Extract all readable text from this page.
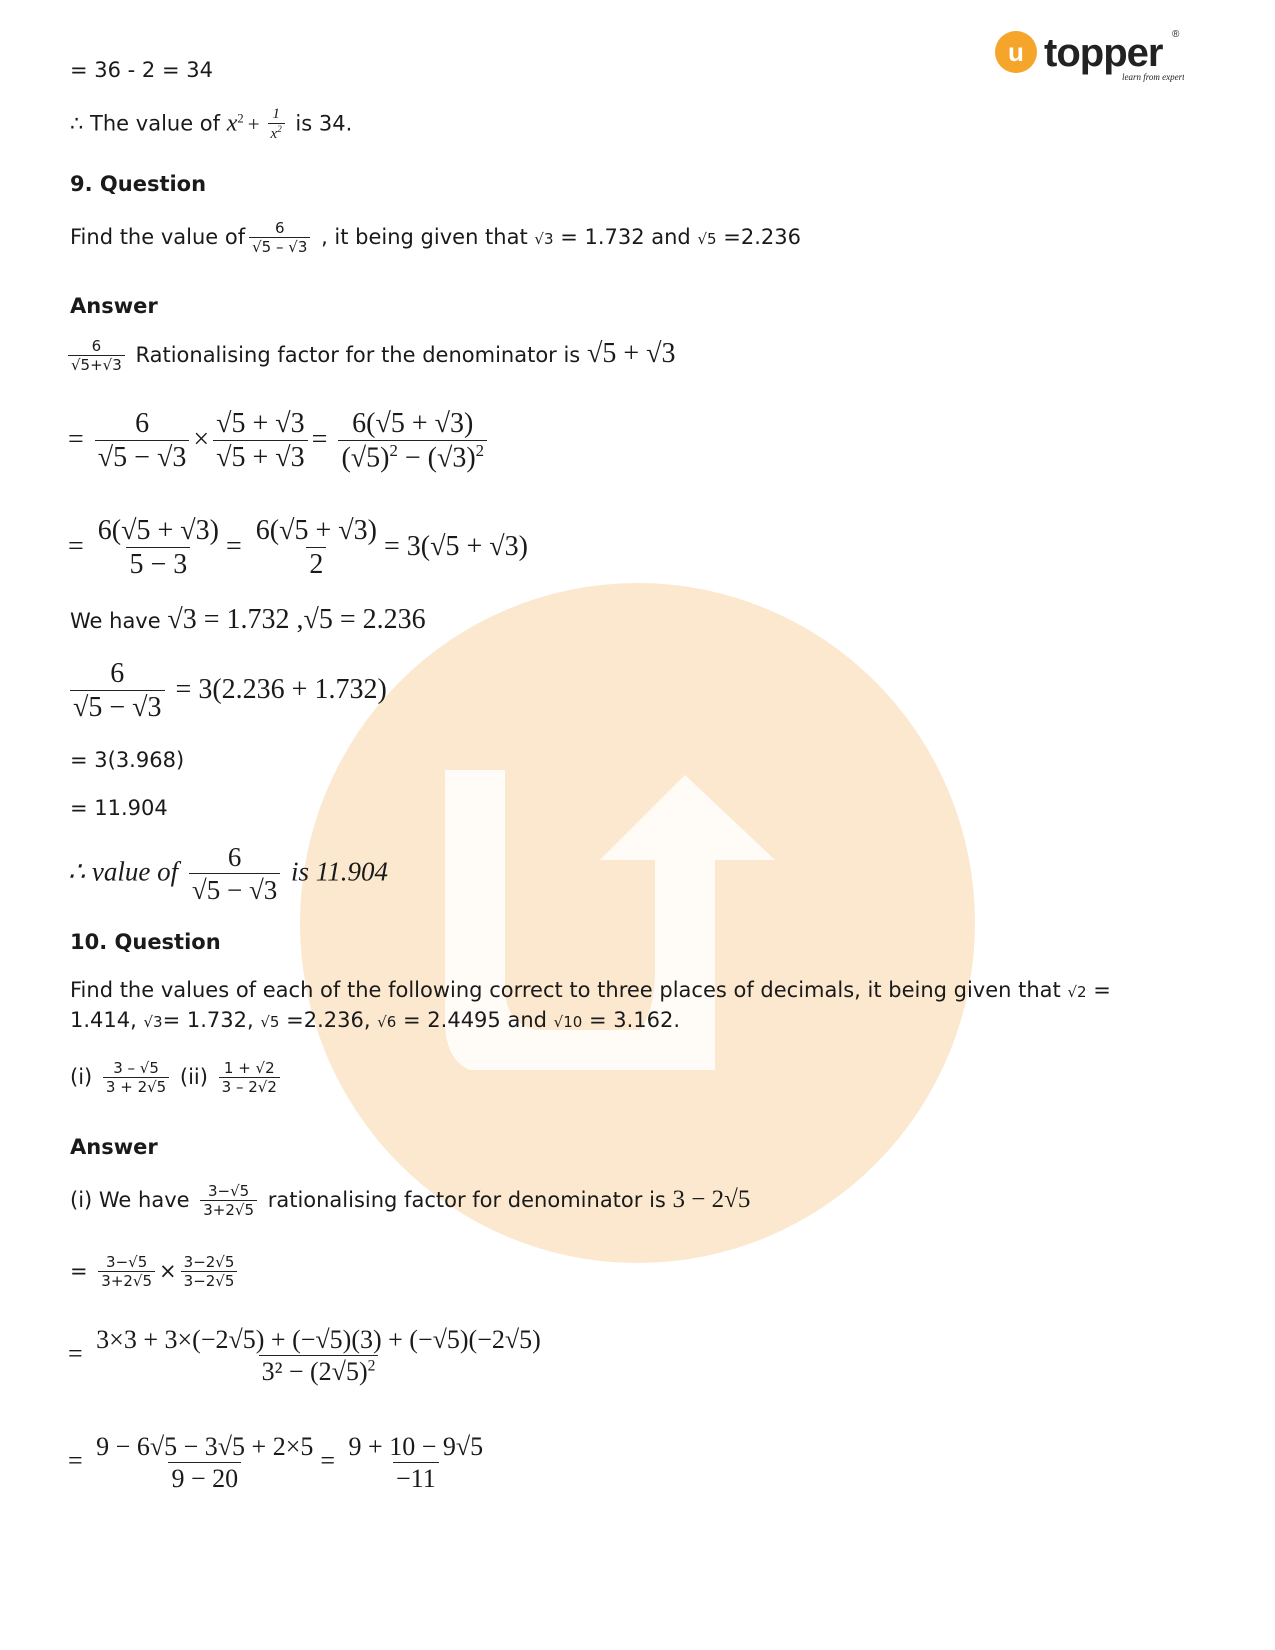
u topper ®
learn from experts
= 36 - 2 = 34
∴ The value of $x^2 + \frac{1}{x^2}$ is 34.
9. Question
Find the value of $\frac{6}{√5 - √3}$ , it being given that √3 = 1.732 and √5 =2.236
Answer
$\frac{6}{√5+√3}$ Rationalising factor for the denominator is √5 + √3
= $\frac{6}{√5 - √3} \times \frac{√5 + √3}{√5 + √3} = \frac{6(√5 + √3)}{(√5)^2 - (√3)^2}$
= $\frac{6(√5 + √3)}{5 - 3} = \frac{6(√5 + √3)}{2} = 3(√5 + √3)$
We have √3 = 1.732 ,√5 = 2.236
$\frac{6}{√5 - √3} = 3(2.236 + 1.732)$
= 3(3.968)
= 11.904
∴ value of $\frac{6}{√5 - √3}$ is 11.904
10. Question
Find the values of each of the following correct to three places of decimals, it being given that √2 =
1.414, √3= 1.732, √5 =2.236, √6 = 2.4495 and √10 = 3.162.
$(i) \frac{3 - √5}{3 + 2√5} (ii) \frac{1 + √2}{3 - 2√2}$
Answer
(i) We have $\frac{3-√5}{3+2√5}$ rationalising factor for denominator is 3 − 2√5
= $\frac{3-√5}{3+2√5} \times \frac{3-2√5}{3-2√5}$
= $\frac{3\times 3 + 3\times(-2√5) + (-√5)(3) + (-√5)(-2√5)}{3^2 - (2√5)^2}$
= $\frac{9 - 6√5 - 3√5 + 2\times 5}{9 - 20} = \frac{9 + 10 - 9√5}{-11}$
